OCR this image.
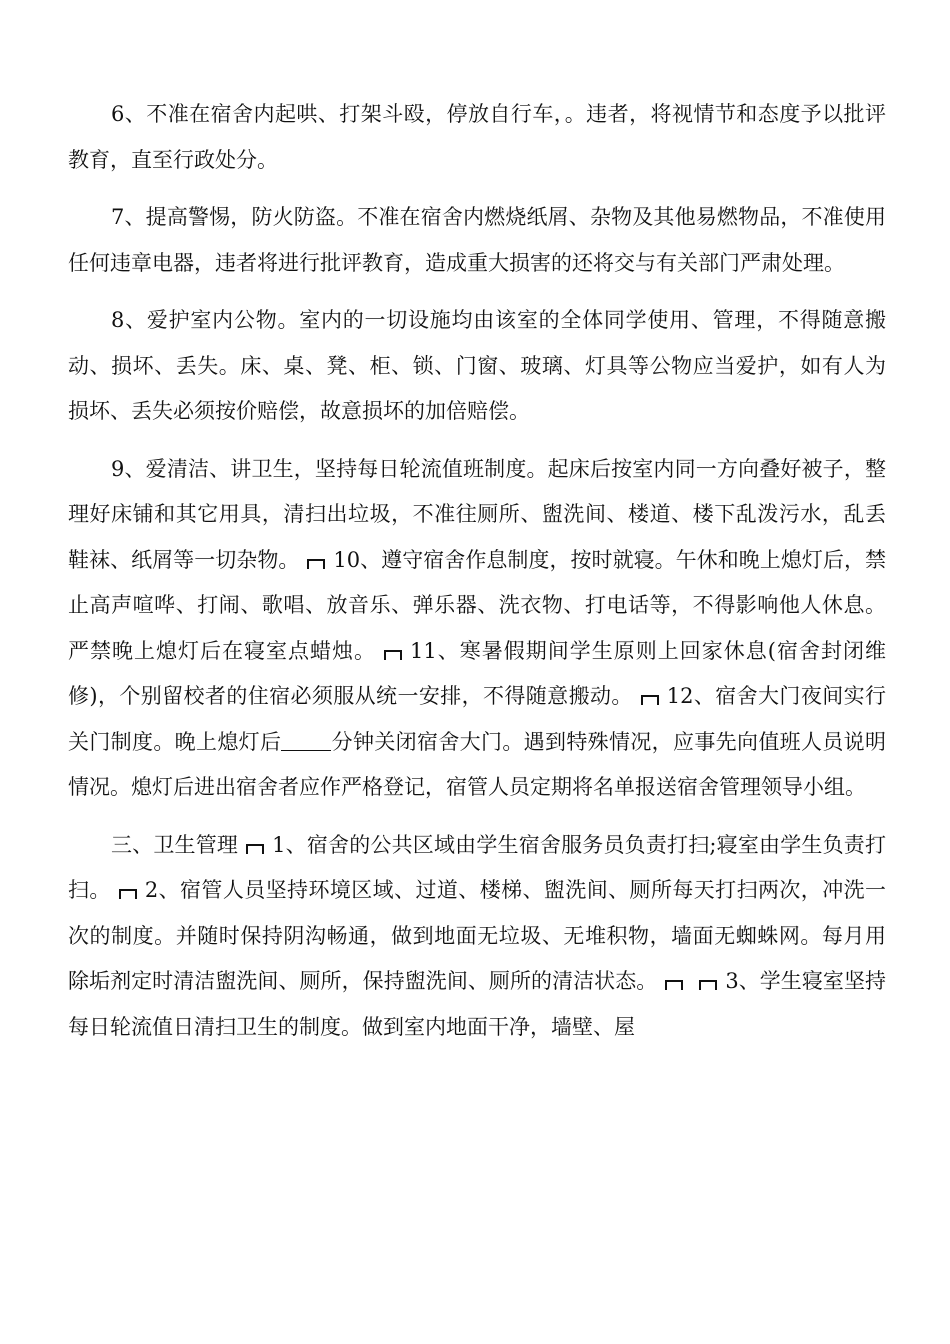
6、不准在宿舍内起哄、打架斗殴，停放自行车，。违者，将视情节和态度予以批评教育，直至行政处分。

7、提高警惕，防火防盗。不准在宿舍内燃烧纸屑、杂物及其他易燃物品，不准使用任何违章电器，违者将进行批评教育，造成重大损害的还将交与有关部门严肃处理。

8、爱护室内公物。室内的一切设施均由该室的全体同学使用、管理，不得随意搬动、损坏、丢失。床、桌、凳、柜、锁、门窗、玻璃、灯具等公物应当爱护，如有人为损坏、丢失必须按价赔偿，故意损坏的加倍赔偿。

9、爱清洁、讲卫生，坚持每日轮流值班制度。起床后按室内同一方向叠好被子，整理好床铺和其它用具，清扫出垃圾，不准往厕所、盥洗间、楼道、楼下乱泼污水，乱丢鞋袜、纸屑等一切杂物。 10、遵守宿舍作息制度，按时就寝。午休和晚上熄灯后，禁止高声喧哗、打闹、歌唱、放音乐、弹乐器、洗衣物、打电话等，不得影响他人休息。严禁晚上熄灯后在寝室点蜡烛。 11、寒暑假期间学生原则上回家休息(宿舍封闭维修)，个别留校者的住宿必须服从统一安排，不得随意搬动。 12、宿舍大门夜间实行关门制度。晚上熄灯后 分钟关闭宿舍大门。遇到特殊情况，应事先向值班人员说明情况。熄灯后进出宿舍者应作严格登记，宿管人员定期将名单报送宿舍管理领导小组。

三、卫生管理 1、宿舍的公共区域由学生宿舍服务员负责打扫;寝室由学生负责打扫。 2、宿管人员坚持环境区域、过道、楼梯、盥洗间、厕所每天打扫两次，冲洗一次的制度。并随时保持阴沟畅通，做到地面无垃圾、无堆积物，墙面无蜘蛛网。每月用除垢剂定时清洁盥洗间、厕所，保持盥洗间、厕所的清洁状态。	3、学生寝室坚持每日轮流值日清扫卫生的制度。做到室内地面干净，墙壁、屋
